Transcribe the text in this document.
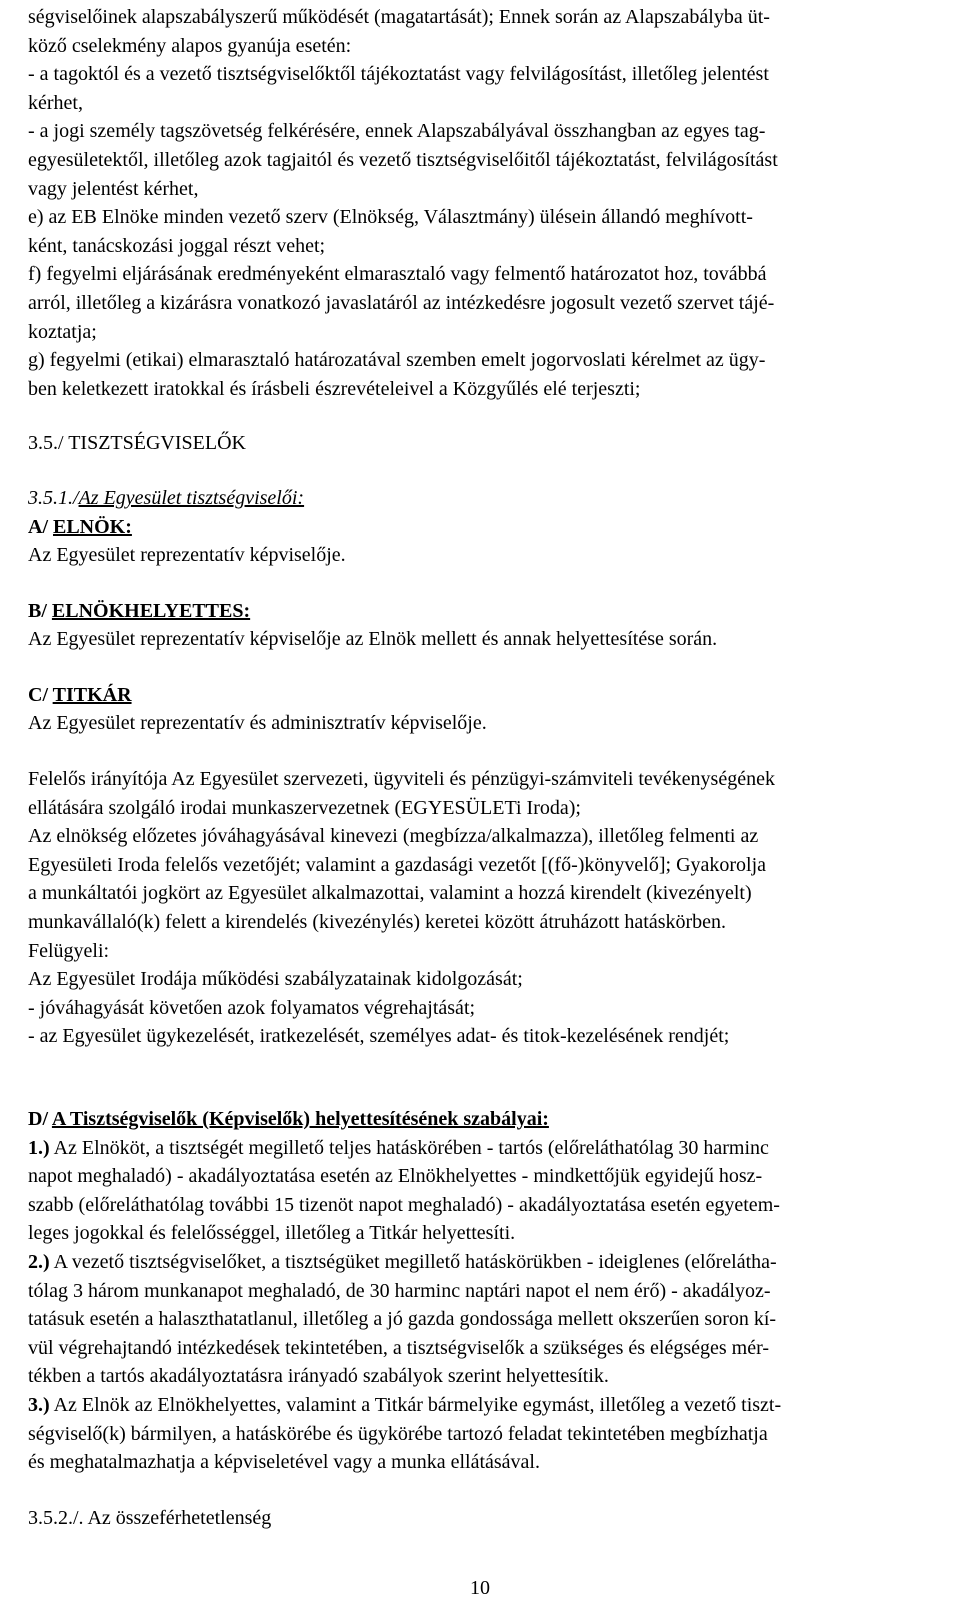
ségviselőinek alapszabályszerű működését (magatartását); Ennek során az Alapszabályba üt-
köző cselekmény alapos gyanúja esetén:
- a tagoktól és a vezető tisztségviselőktől tájékoztatást vagy felvilágosítást, illetőleg jelentést
kérhet,
- a jogi személy tagszövetség felkérésére, ennek Alapszabályával összhangban az egyes tag-
egyesületektől, illetőleg azok tagjaitól és vezető tisztségviselőitől tájékoztatást, felvilágosítást
vagy jelentést kérhet,
e) az EB Elnöke minden vezető szerv (Elnökség, Választmány) ülésein állandó meghívott-
ként, tanácskozási joggal részt vehet;
f) fegyelmi eljárásának eredményeként elmarasztaló vagy felmentő határozatot hoz, továbbá
arról, illetőleg a kizárásra vonatkozó javaslatáról az intézkedésre jogosult vezető szervet tájé-
koztatja;
g) fegyelmi (etikai) elmarasztaló határozatával szemben emelt jogorvoslati kérelmet az ügy-
ben keletkezett iratokkal és írásbeli észrevételeivel a Közgyűlés elé terjeszti;
3.5./ TISZTSÉGVISELŐK
3.5.1./Az Egyesület tisztségviselői:
A/ ELNÖK:
Az Egyesület reprezentatív képviselője.
B/ ELNÖKHELYETTES:
Az Egyesület reprezentatív képviselője az Elnök mellett és annak helyettesítése során.
C/ TITKÁR
Az Egyesület reprezentatív és adminisztratív képviselője.
Felelős irányítója Az Egyesület szervezeti, ügyviteli és pénzügyi-számviteli tevékenységének
ellátására szolgáló irodai munkaszervezetnek (EGYESÜLETi Iroda);
Az elnökség előzetes jóváhagyásával kinevezi (megbízza/alkalmazza), illetőleg felmenti az
Egyesületi Iroda felelős vezetőjét; valamint a gazdasági vezetőt [(fő-)könyvelő]; Gyakorolja
a munkáltatói jogkört az Egyesület alkalmazottai, valamint a hozzá kirendelt (kivezényelt)
munkavállaló(k) felett a kirendelés (kivezénylés) keretei között átruházott hatáskörben.
Felügyeli:
Az Egyesület Irodája működési szabályzatainak kidolgozását;
- jóváhagyását követően azok folyamatos végrehajtását;
- az Egyesület ügykezelését, iratkezelését, személyes adat- és titok-kezelésének rendjét;
D/ A Tisztségviselők (Képviselők) helyettesítésének szabályai:
1.) Az Elnököt, a tisztségét megillető teljes hatáskörében - tartós (előreláthatólag 30 harminc
napot meghaladó) - akadályoztatása esetén az Elnökhelyettes - mindkettőjük egyidejű hosz-
szabb (előreláthatólag további 15 tizenöt napot meghaladó) - akadályoztatása esetén egyetem-
leges jogokkal és felelősséggel, illetőleg a Titkár helyettesíti.
2.) A vezető tisztségviselőket, a tisztségüket megillető hatáskörükben - ideiglenes (előrelátha-
tólag 3 három munkanapot meghaladó, de 30 harminc naptári napot el nem érő) - akadályoz-
tatásuk esetén a halaszthatatlanul, illetőleg a jó gazda gondossága mellett okszerűen soron kí-
vül végrehajtandó intézkedések tekintetében, a tisztségviselők a szükséges és elégséges mér-
tékben a tartós akadályoztatásra irányadó szabályok szerint helyettesítik.
3.) Az Elnök az Elnökhelyettes, valamint a Titkár bármelyike egymást, illetőleg a vezető tiszt-
ségviselő(k) bármilyen, a hatáskörébe és ügykörébe tartozó feladat tekintetében megbízhatja
és meghatalmazhatja a képviseletével vagy a munka ellátásával.
3.5.2./. Az összeférhetetlenség
10
